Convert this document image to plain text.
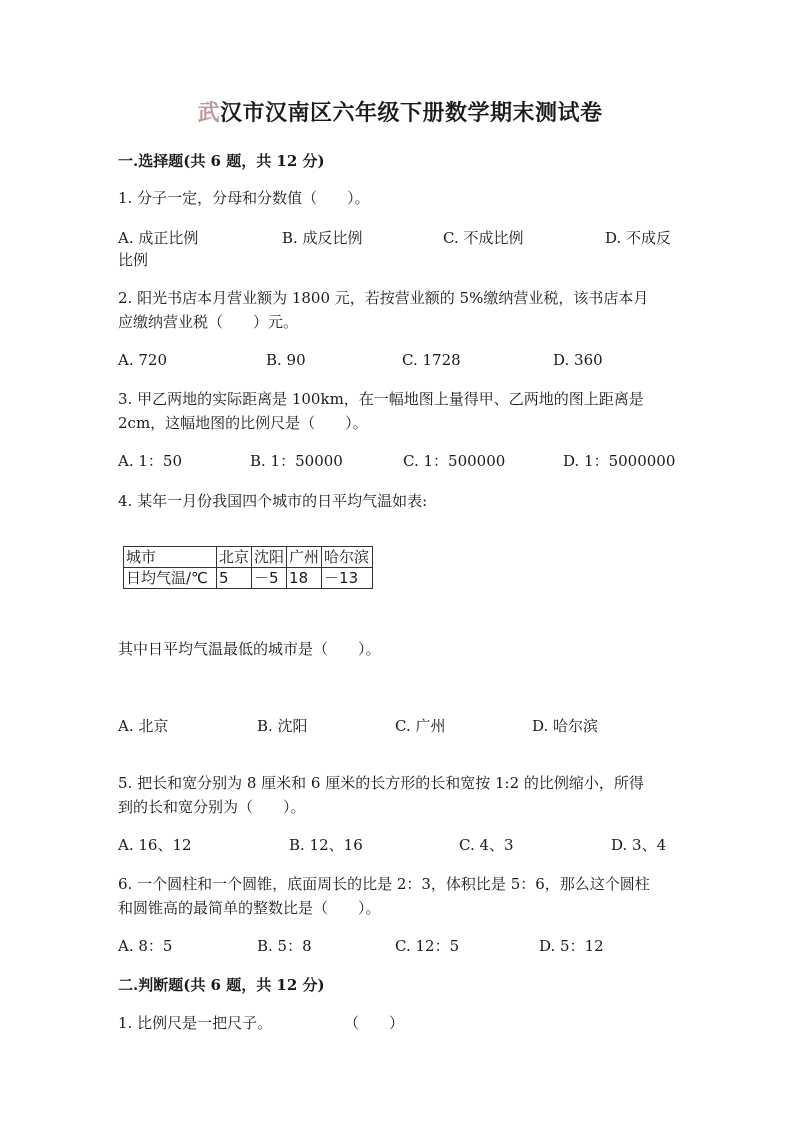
武汉市汉南区六年级下册数学期末测试卷
一.选择题(共 6 题，共 12 分)
1. 分子一定，分母和分数值（　　）。
A. 成正比例	B. 成反比例	C. 不成比例	D. 不成反
比例
2. 阳光书店本月营业额为 1800 元，若按营业额的 5%缴纳营业税，该书店本月
应缴纳营业税（　　）元。
A. 720	B. 90	C. 1728	D. 360
3. 甲乙两地的实际距离是 100km，在一幅地图上量得甲、乙两地的图上距离是
2cm，这幅地图的比例尺是（　　）。
A. 1：50	B. 1：50000	C. 1：500000	D. 1：5000000
4. 某年一月份我国四个城市的日平均气温如表:
城市	北京	沈阳	广州	哈尔滨
日均气温/℃	5	－5	18	－13
其中日平均气温最低的城市是（　　）。
A. 北京	B. 沈阳	C. 广州	D. 哈尔滨
5. 把长和宽分别为 8 厘米和 6 厘米的长方形的长和宽按 1:2 的比例缩小，所得
到的长和宽分别为（　　）。
A. 16、12	B. 12、16	C. 4、3	D. 3、4
6. 一个圆柱和一个圆锥，底面周长的比是 2：3，体积比是 5：6，那么这个圆柱
和圆锥高的最简单的整数比是（　　）。
A. 8：5	B. 5：8	C. 12：5	D. 5：12
二.判断题(共 6 题，共 12 分)
1. 比例尺是一把尺子。	（　　）
